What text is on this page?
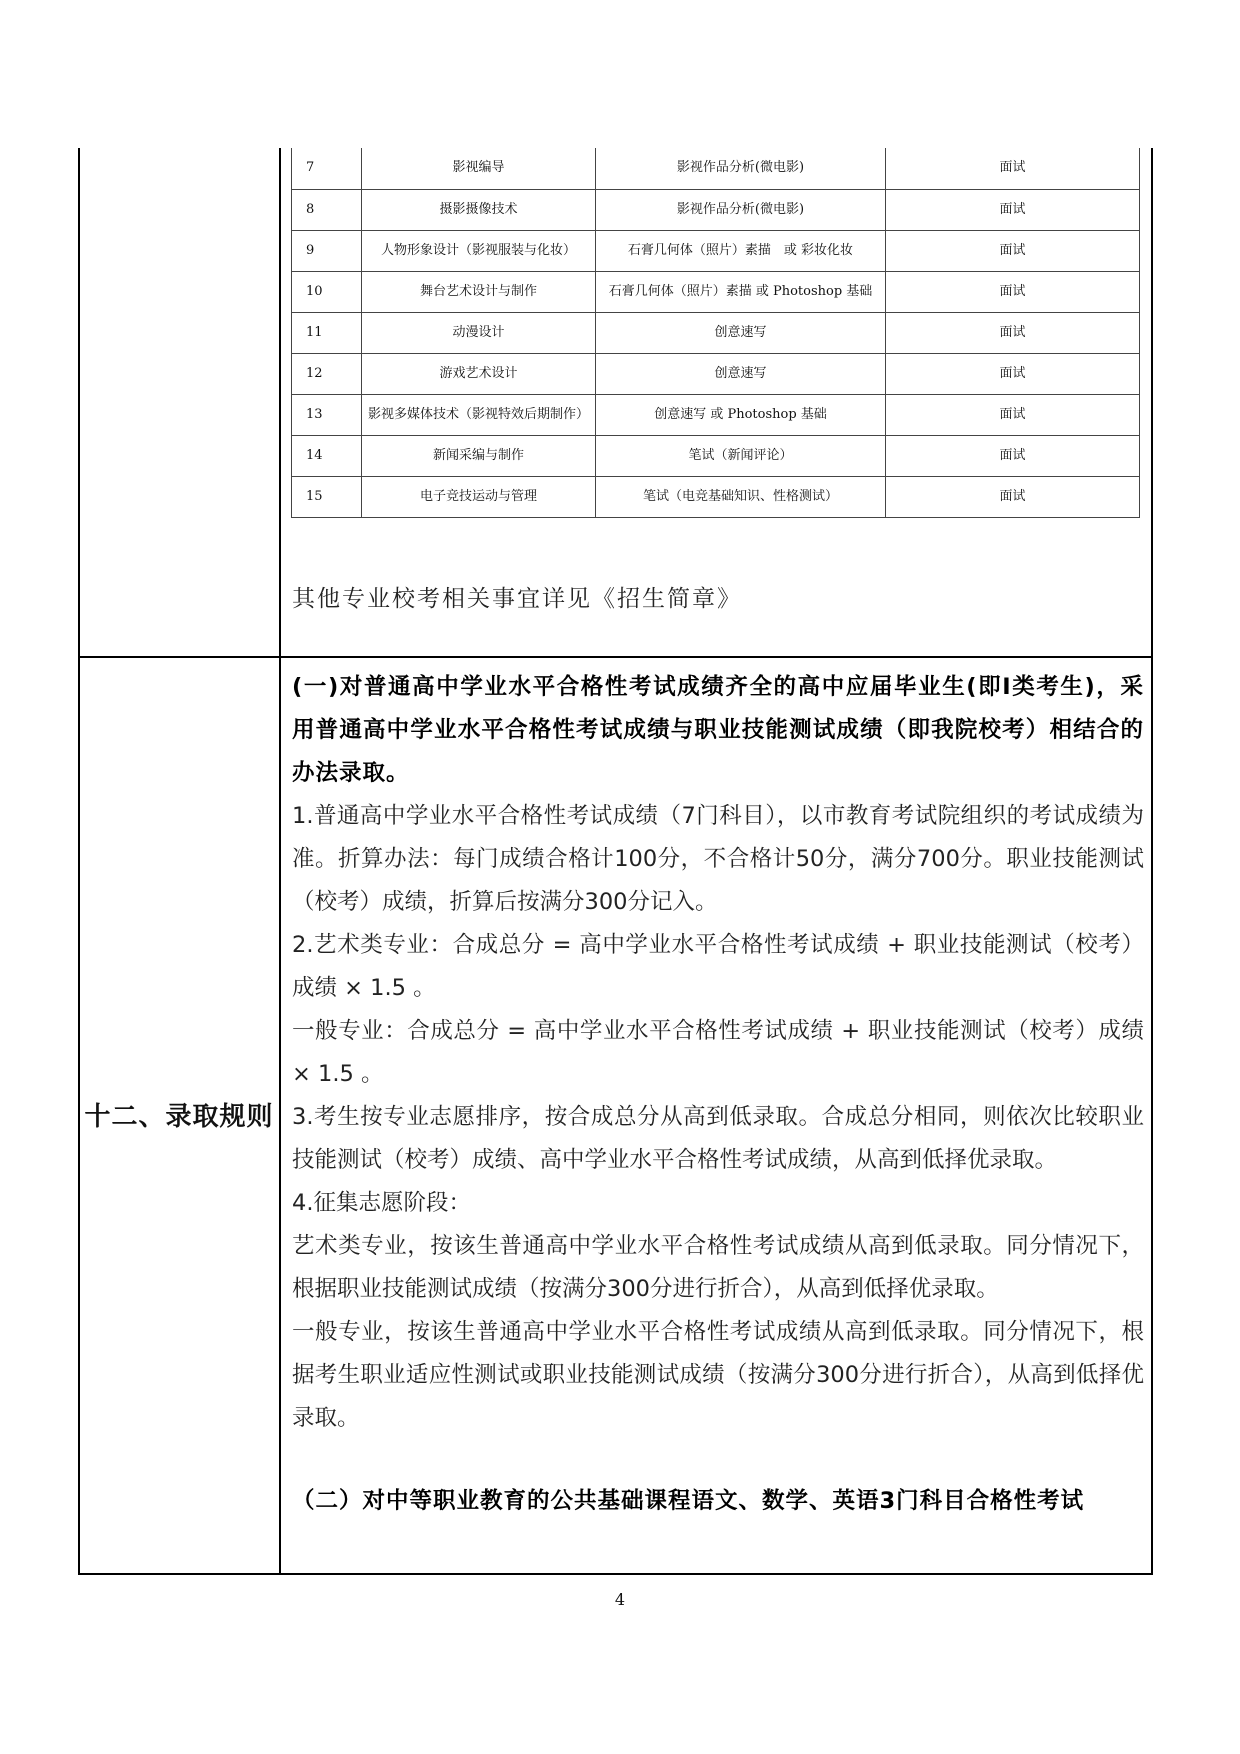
7	影视编导	影视作品分析(微电影)	面试
8	摄影摄像技术	影视作品分析(微电影)	面试
9	人物形象设计（影视服装与化妆）	石膏几何体（照片）素描　或 彩妆化妆	面试
10	舞台艺术设计与制作	石膏几何体（照片）素描 或 Photoshop 基础	面试
11	动漫设计	创意速写	面试
12	游戏艺术设计	创意速写	面试
13	影视多媒体技术（影视特效后期制作）	创意速写 或 Photoshop 基础	面试
14	新闻采编与制作	笔试（新闻评论）	面试
15	电子竞技运动与管理	笔试（电竞基础知识、性格测试）	面试
其他专业校考相关事宜详见《招生简章》
十二、录取规则

(一)对普通高中学业水平合格性考试成绩齐全的高中应届毕业生(即Ⅰ类考生)，采用普通高中学业水平合格性考试成绩与职业技能测试成绩（即我院校考）相结合的办法录取。

1.普通高中学业水平合格性考试成绩（7门科目），以市教育考试院组织的考试成绩为准。折算办法：每门成绩合格计100分，不合格计50分，满分700分。职业技能测试（校考）成绩，折算后按满分300分记入。

2.艺术类专业：合成总分 = 高中学业水平合格性考试成绩 + 职业技能测试（校考）成绩 × 1.5 。

一般专业：合成总分 = 高中学业水平合格性考试成绩 + 职业技能测试（校考）成绩 × 1.5 。

3.考生按专业志愿排序，按合成总分从高到低录取。合成总分相同，则依次比较职业技能测试（校考）成绩、高中学业水平合格性考试成绩，从高到低择优录取。

4.征集志愿阶段：

艺术类专业，按该生普通高中学业水平合格性考试成绩从高到低录取。同分情况下，根据职业技能测试成绩（按满分300分进行折合），从高到低择优录取。

一般专业，按该生普通高中学业水平合格性考试成绩从高到低录取。同分情况下，根据考生职业适应性测试或职业技能测试成绩（按满分300分进行折合），从高到低择优录取。

（二）对中等职业教育的公共基础课程语文、数学、英语3门科目合格性考试

4
